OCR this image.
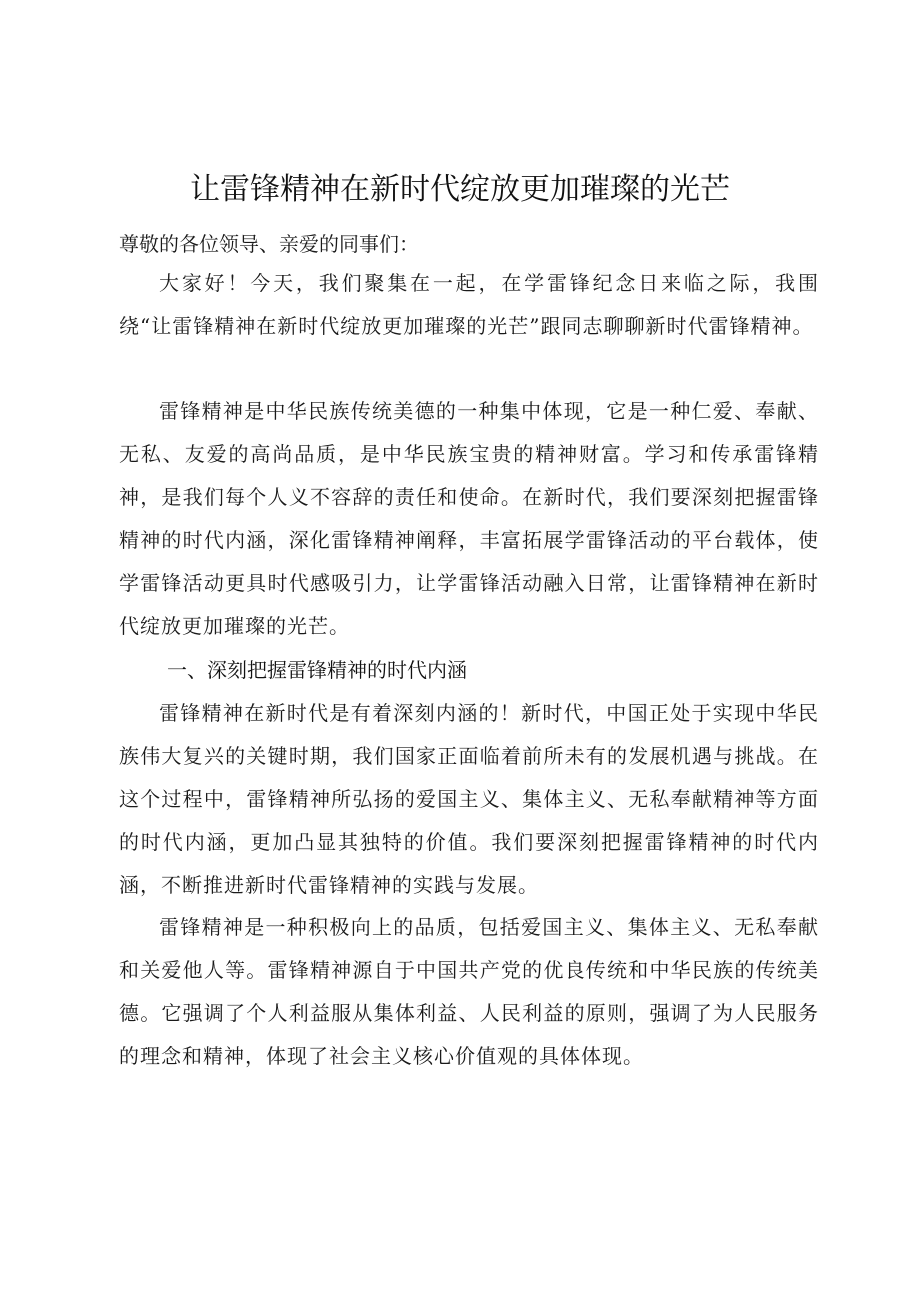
让雷锋精神在新时代绽放更加璀璨的光芒

尊敬的各位领导、亲爱的同事们：

大家好！今天，我们聚集在一起，在学雷锋纪念日来临之际，我围绕“让雷锋精神在新时代绽放更加璀璨的光芒”跟同志聊聊新时代雷锋精神。

雷锋精神是中华民族传统美德的一种集中体现，它是一种仁爱、奉献、无私、友爱的高尚品质，是中华民族宝贵的精神财富。学习和传承雷锋精神，是我们每个人义不容辞的责任和使命。在新时代，我们要深刻把握雷锋精神的时代内涵，深化雷锋精神阐释，丰富拓展学雷锋活动的平台载体，使学雷锋活动更具时代感吸引力，让学雷锋活动融入日常，让雷锋精神在新时代绽放更加璀璨的光芒。

一、深刻把握雷锋精神的时代内涵

雷锋精神在新时代是有着深刻内涵的！新时代，中国正处于实现中华民族伟大复兴的关键时期，我们国家正面临着前所未有的发展机遇与挑战。在这个过程中，雷锋精神所弘扬的爱国主义、集体主义、无私奉献精神等方面的时代内涵，更加凸显其独特的价值。我们要深刻把握雷锋精神的时代内涵，不断推进新时代雷锋精神的实践与发展。

雷锋精神是一种积极向上的品质，包括爱国主义、集体主义、无私奉献和关爱他人等。雷锋精神源自于中国共产党的优良传统和中华民族的传统美德。它强调了个人利益服从集体利益、人民利益的原则，强调了为人民服务的理念和精神，体现了社会主义核心价值观的具体体现。
